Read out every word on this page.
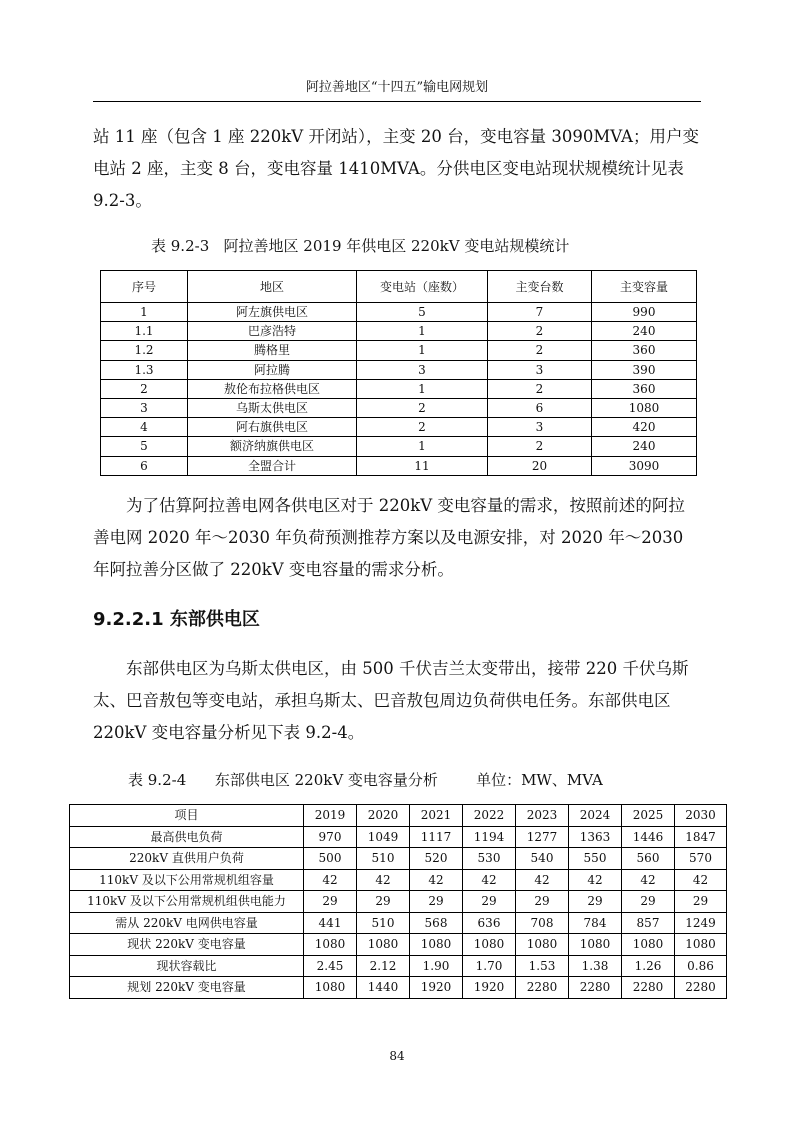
阿拉善地区“十四五”输电网规划

站 11 座（包含 1 座 220kV 开闭站），主变 20 台，变电容量 3090MVA；用户变电站 2 座，主变 8 台，变电容量 1410MVA。分供电区变电站现状规模统计见表 9.2-3。

表 9.2-3   阿拉善地区 2019 年供电区 220kV 变电站规模统计
序号	地区	变电站（座数）	主变台数	主变容量
1	阿左旗供电区	5	7	990
1.1	巴彦浩特	1	2	240
1.2	腾格里	1	2	360
1.3	阿拉腾	3	3	390
2	敖伦布拉格供电区	1	2	360
3	乌斯太供电区	2	6	1080
4	阿右旗供电区	2	3	420
5	额济纳旗供电区	1	2	240
6	全盟合计	11	20	3090

为了估算阿拉善电网各供电区对于 220kV 变电容量的需求，按照前述的阿拉善电网 2020 年～2030 年负荷预测推荐方案以及电源安排，对 2020 年～2030 年阿拉善分区做了 220kV 变电容量的需求分析。

9.2.2.1 东部供电区

东部供电区为乌斯太供电区，由 500 千伏吉兰太变带出，接带 220 千伏乌斯太、巴音敖包等变电站，承担乌斯太、巴音敖包周边负荷供电任务。东部供电区 220kV 变电容量分析见下表 9.2-4。

表 9.2-4      东部供电区 220kV 变电容量分析        单位：MW、MVA
项目	2019	2020	2021	2022	2023	2024	2025	2030
最高供电负荷	970	1049	1117	1194	1277	1363	1446	1847
220kV 直供用户负荷	500	510	520	530	540	550	560	570
110kV 及以下公用常规机组容量	42	42	42	42	42	42	42	42
110kV 及以下公用常规机组供电能力	29	29	29	29	29	29	29	29
需从 220kV 电网供电容量	441	510	568	636	708	784	857	1249
现状 220kV 变电容量	1080	1080	1080	1080	1080	1080	1080	1080
现状容载比	2.45	2.12	1.90	1.70	1.53	1.38	1.26	0.86
规划 220kV 变电容量	1080	1440	1920	1920	2280	2280	2280	2280
84
